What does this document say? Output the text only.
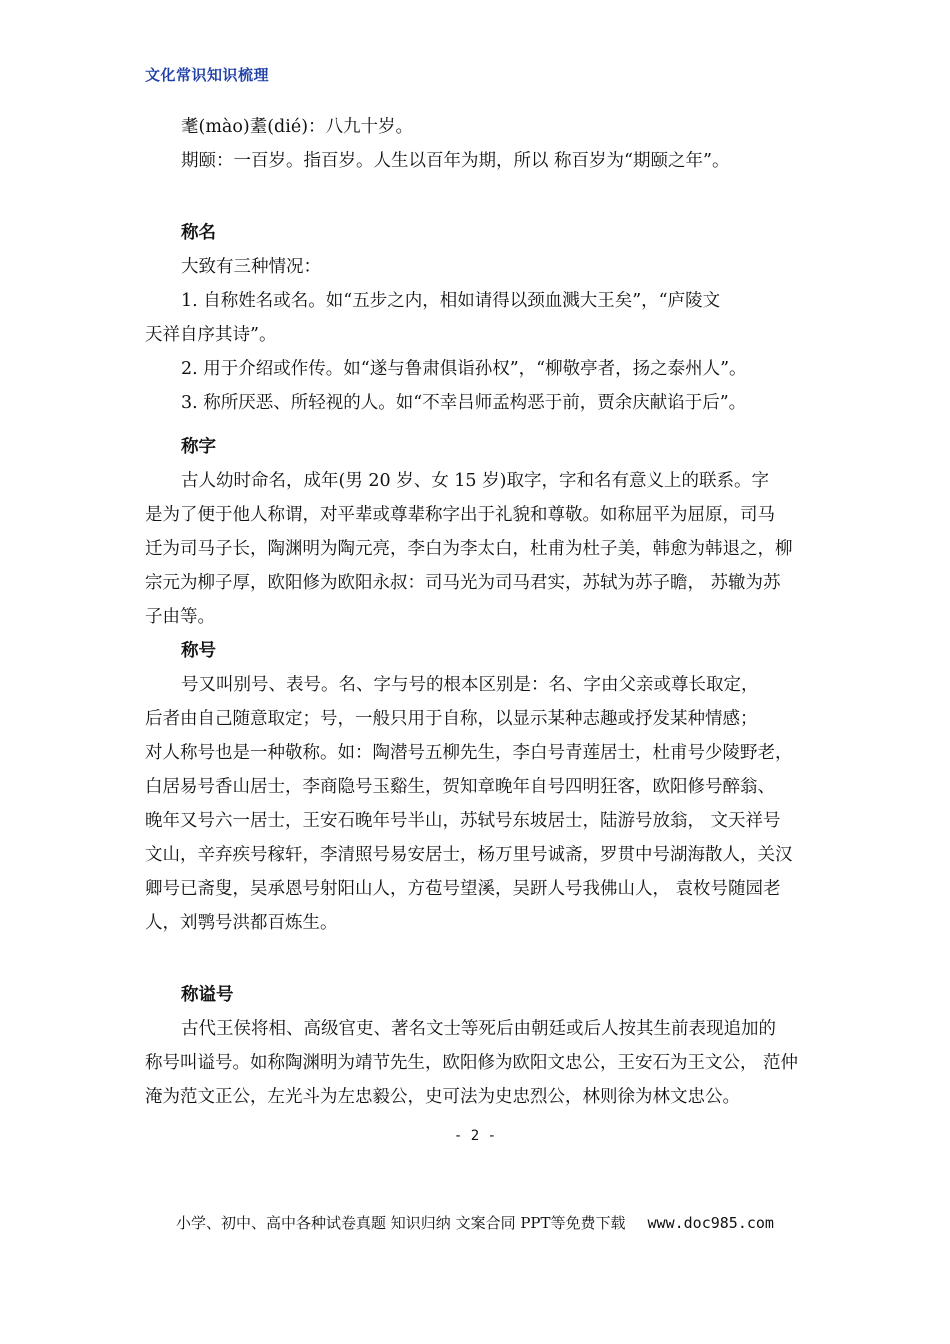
文化常识知识梳理
耄(mào)耋(dié)：八九十岁。
期颐：一百岁。指百岁。人生以百年为期，所以 称百岁为“期颐之年”。
称名
大致有三种情况：
1. 自称姓名或名。如“五步之内，相如请得以颈血溅大王矣”，“庐陵文
天祥自序其诗”。
2. 用于介绍或作传。如“遂与鲁肃俱诣孙权”，“柳敬亭者，扬之泰州人”。
3. 称所厌恶、所轻视的人。如“不幸吕师孟构恶于前，贾余庆献谄于后”。
称字
古人幼时命名，成年(男 20 岁、女 15 岁)取字，字和名有意义上的联系。字
是为了便于他人称谓，对平辈或尊辈称字出于礼貌和尊敬。如称屈平为屈原，司马
迁为司马子长，陶渊明为陶元亮，李白为李太白，杜甫为杜子美，韩愈为韩退之，柳
宗元为柳子厚，欧阳修为欧阳永叔：司马光为司马君实，苏轼为苏子瞻， 苏辙为苏
子由等。
称号
号又叫别号、表号。名、字与号的根本区别是：名、字由父亲或尊长取定，
后者由自己随意取定；号，一般只用于自称，以显示某种志趣或抒发某种情感；
对人称号也是一种敬称。如：陶潜号五柳先生，李白号青莲居士，杜甫号少陵野老，
白居易号香山居士，李商隐号玉谿生，贺知章晚年自号四明狂客，欧阳修号醉翁、
晚年又号六一居士，王安石晚年号半山，苏轼号东坡居士，陆游号放翁， 文天祥号
文山，辛弃疾号稼轩，李清照号易安居士，杨万里号诚斋，罗贯中号湖海散人，关汉
卿号已斋叟，吴承恩号射阳山人，方苞号望溪，吴趼人号我佛山人， 袁枚号随园老
人，刘鹗号洪都百炼生。
称谥号
古代王侯将相、高级官吏、著名文士等死后由朝廷或后人按其生前表现追加的
称号叫谥号。如称陶渊明为靖节先生，欧阳修为欧阳文忠公，王安石为王文公， 范仲
淹为范文正公，左光斗为左忠毅公，史可法为史忠烈公，林则徐为林文忠公。
- 2 -
小学、初中、高中各种试卷真题 知识归纳 文案合同 PPT等免费下载 www.doc985.com
